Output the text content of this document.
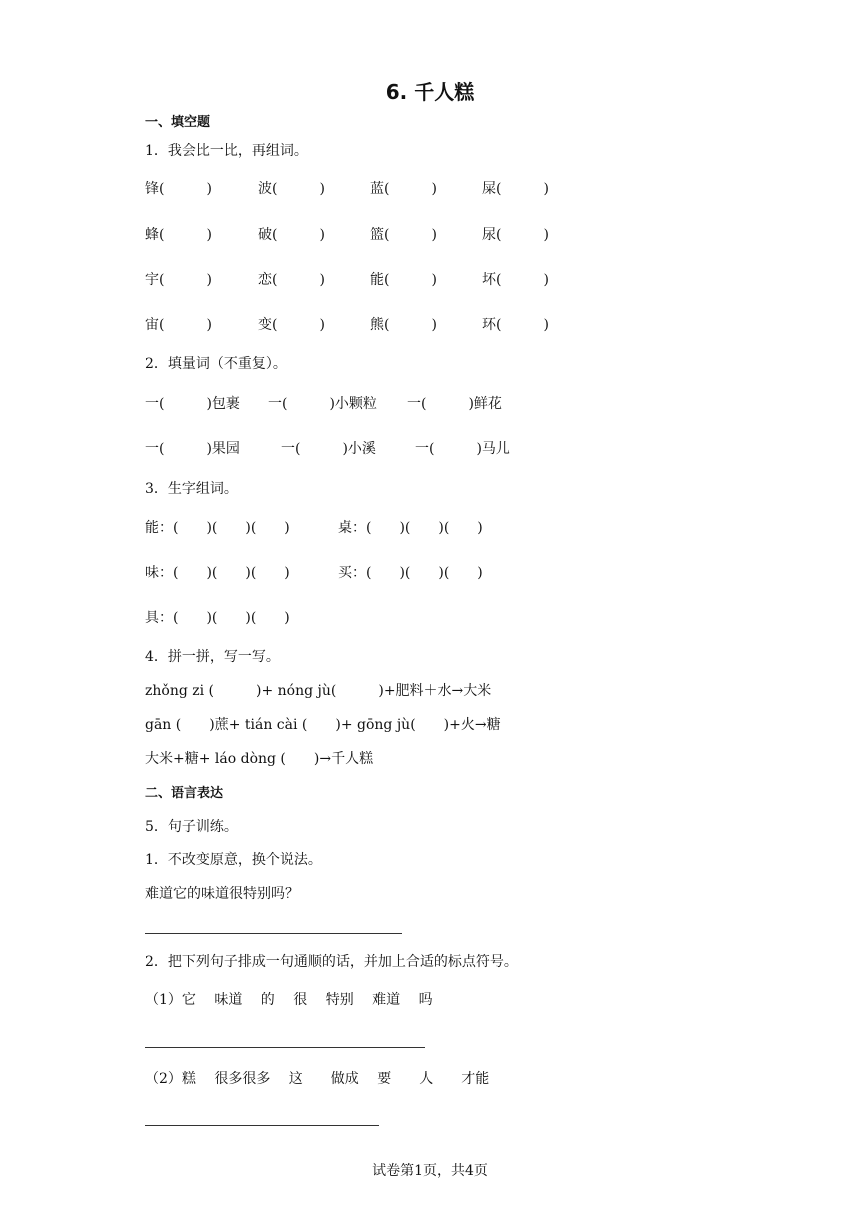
6. 千人糕
一、填空题
1．我会比一比，再组词。
锋(　　　)	波(　　　)	蓝(　　　)	屎(　　　)
蜂(　　　)	破(　　　)	篮(　　　)	尿(　　　)
宇(　　　)	恋(　　　)	能(　　　)	坏(　　　)
宙(　　　)	变(　　　)	熊(　　　)	环(　　　)
2．填量词（不重复）。
一(　　　)包裹 一(　　　)小颗粒 一(　　　)鲜花
一(　　　)果园	一(　　　)小溪	一(　　　)马儿
3．生字组词。
能：(　　)(　　)(　　)	桌：(　　)(　　)(　　)
味：(　　)(　　)(　　)	买：(　　)(　　)(　　)
具：(　　)(　　)(　　)
4．拼一拼，写一写。
zhǒng zi (　　　)+ nóng jù(　　　)+肥料＋水→大米
gān (　　)蔗+ tián cài (　　)+ gōng jù(　　)+火→糖
大米+糖+ láo dòng (　　)→千人糕
二、语言表达
5．句子训练。
1．不改变原意，换个说法。
难道它的味道很特别吗？
2．把下列句子排成一句通顺的话，并加上合适的标点符号。
（1）它　 味道　 的　 很　 特别　 难道　 吗
（2）糕　 很多很多　 这　　做成　 要　　人　　才能
试卷第1页，共4页
